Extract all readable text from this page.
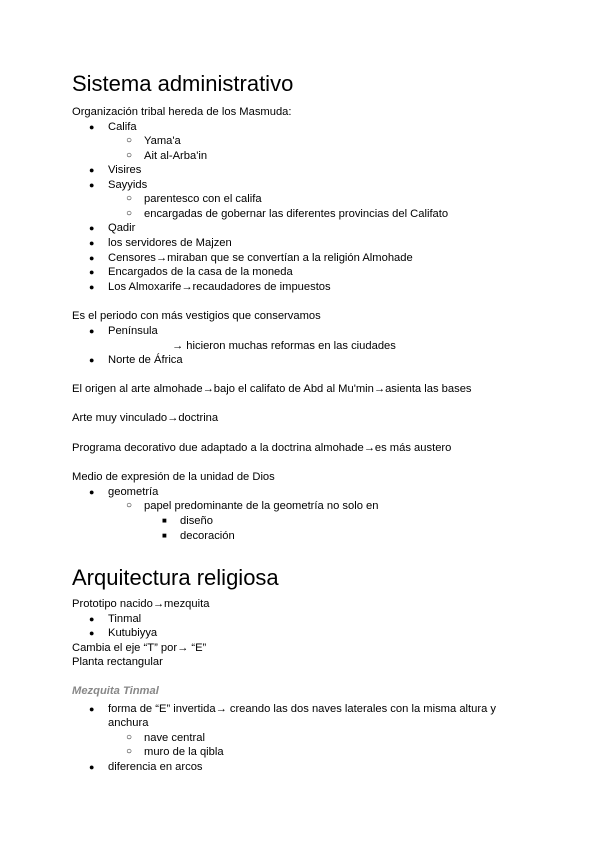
Sistema administrativo
Organización tribal hereda de los Masmuda:
● Califa
○ Yama'a
○ Ait al-Arba'in
● Visires
● Sayyids
○ parentesco con el califa
○ encargadas de gobernar las diferentes provincias del Califato
● Qadir
● los servidores de Majzen
● Censores→miraban que se convertían a la religión Almohade
● Encargados de la casa de la moneda
● Los Almoxarife→recaudadores de impuestos
Es el periodo con más vestigios que conservamos
● Península
→ hicieron muchas reformas en las ciudades
● Norte de África
El origen al arte almohade→bajo el califato de Abd al Mu'min→asienta las bases
Arte muy vinculado→doctrina
Programa decorativo due adaptado a la doctrina almohade→es más austero
Medio de expresión de la unidad de Dios
● geometría
○ papel predominante de la geometría no solo en
■ diseño
■ decoración
Arquitectura religiosa
Prototipo nacido→mezquita
● Tinmal
● Kutubiyya
Cambia el eje “T” por→ “E”
Planta rectangular
Mezquita Tinmal
● forma de “E” invertida→ creando las dos naves laterales con la misma altura y
anchura
○ nave central
○ muro de la qibla
● diferencia en arcos
